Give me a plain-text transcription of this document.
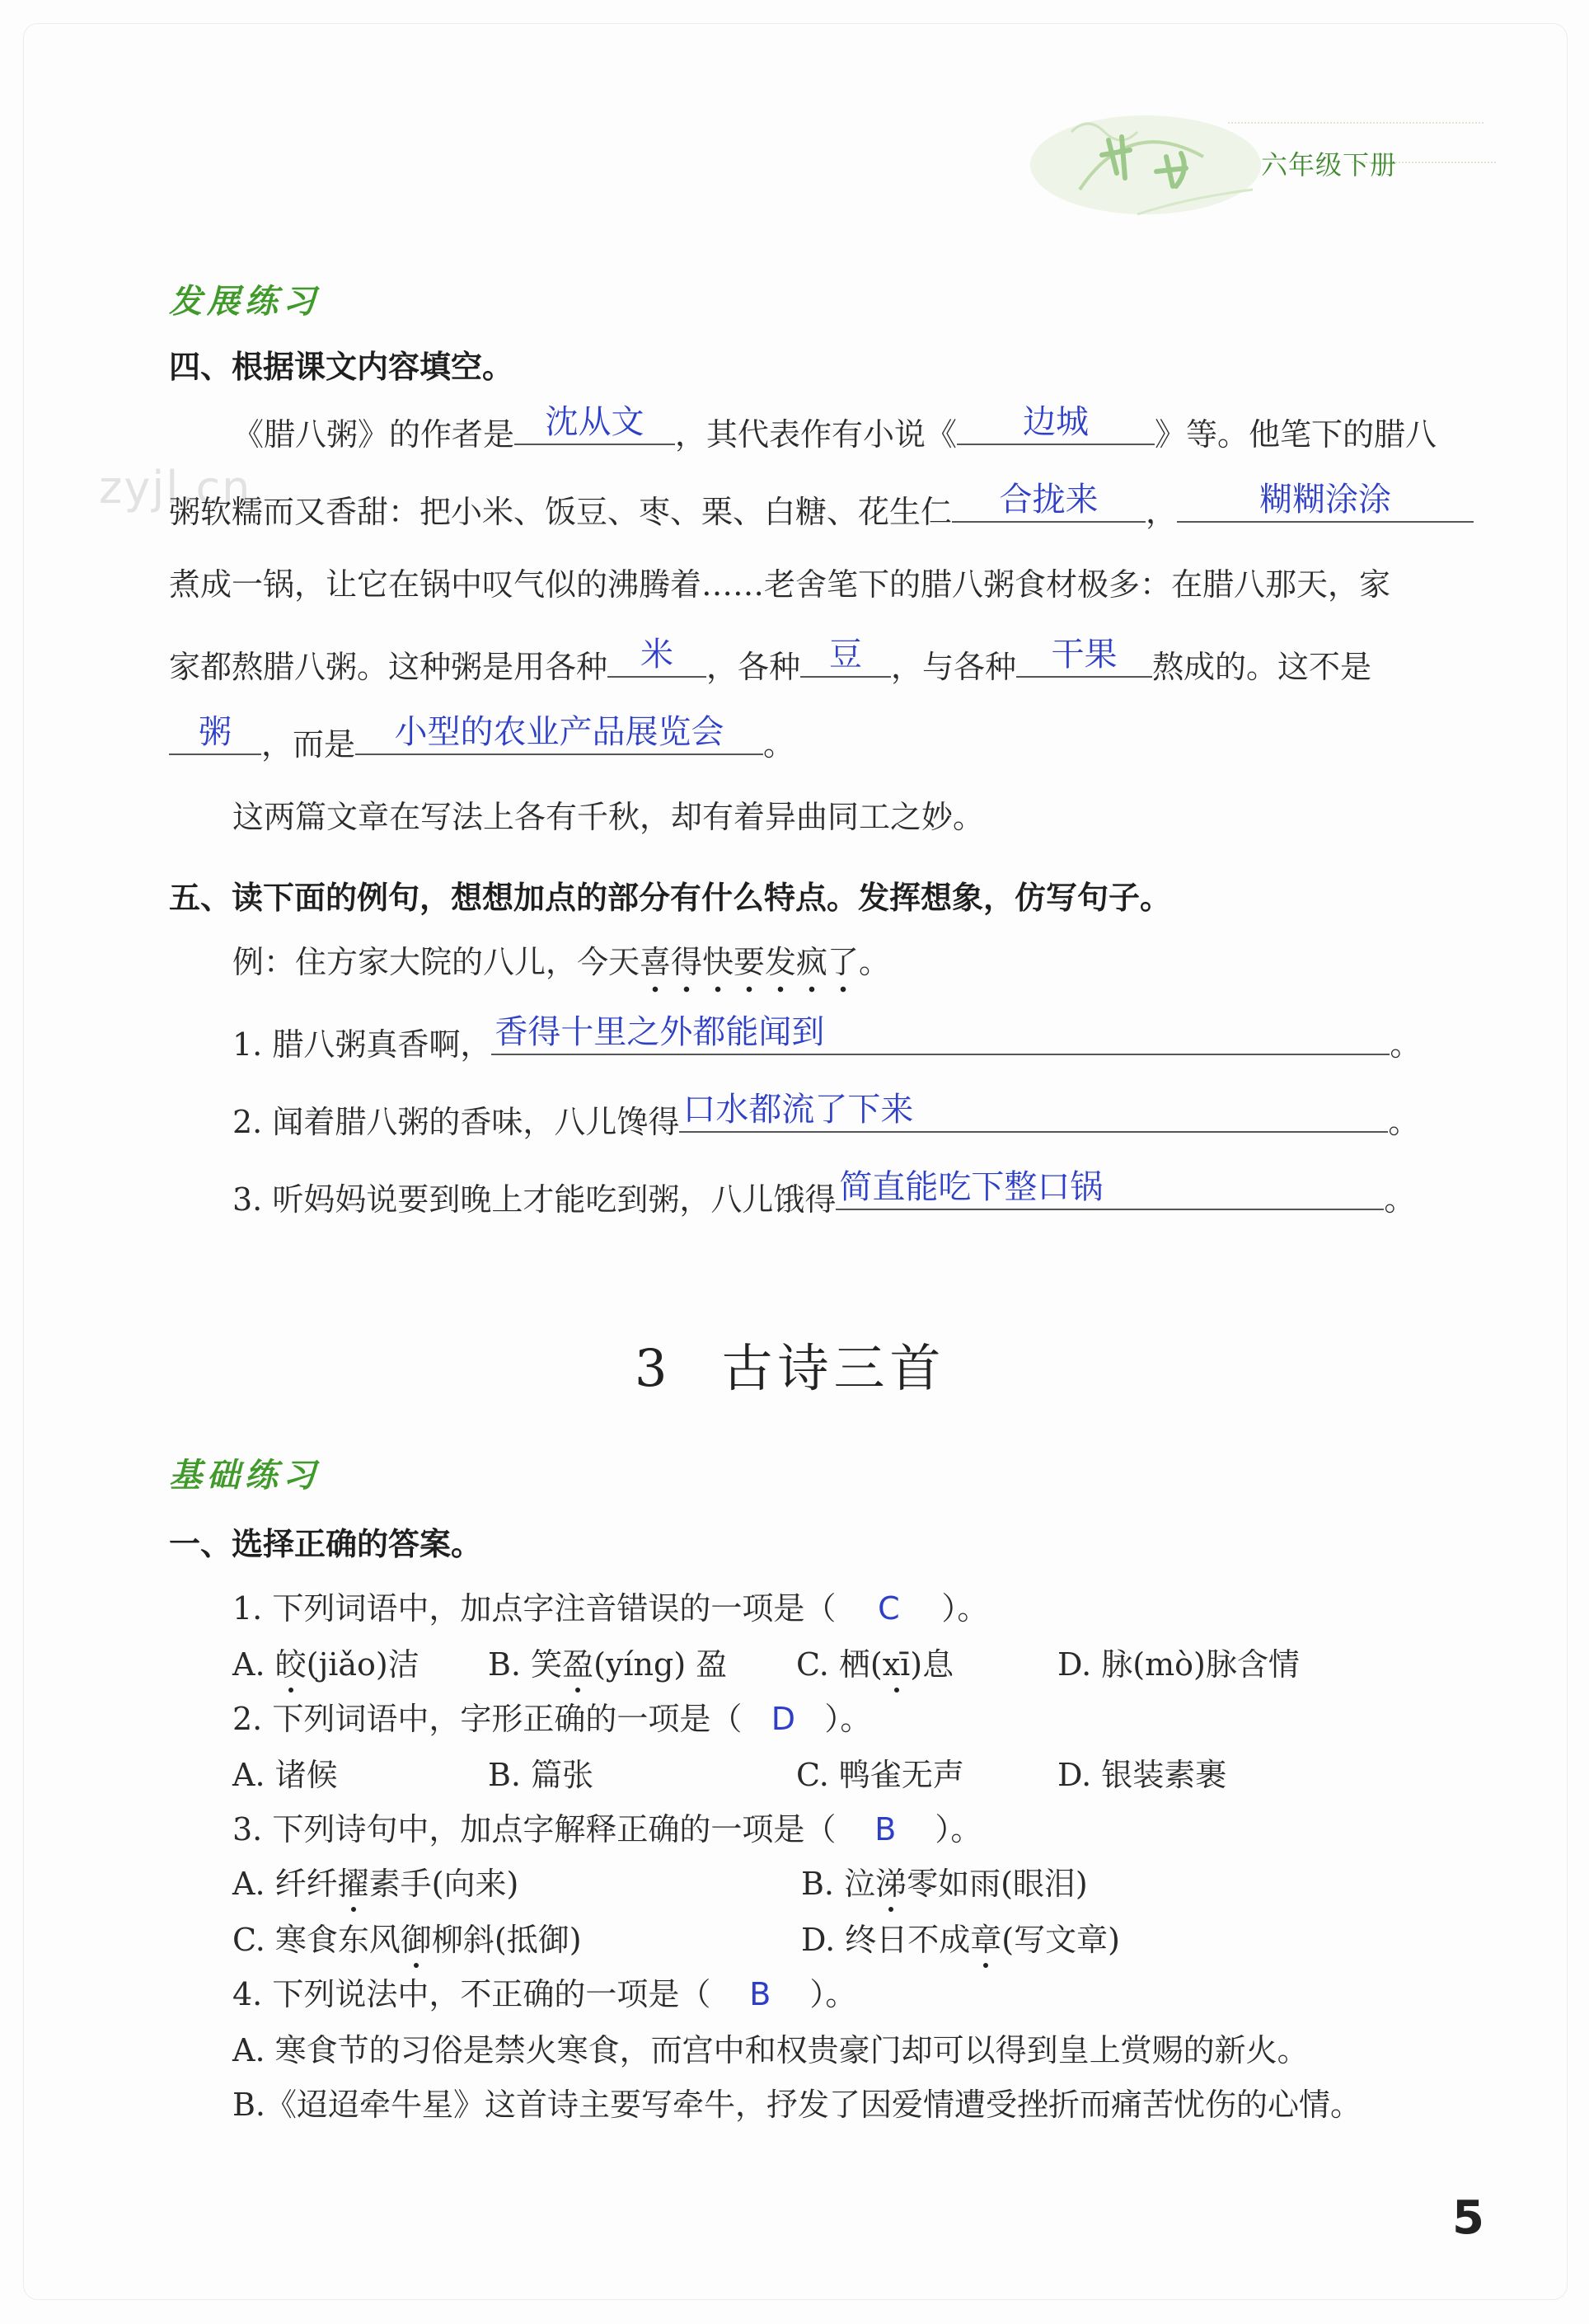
六年级下册
zyjl.cn
发展练习
四、根据课文内容填空。
《腊八粥》的作者是 沈从文 ，其代表作有小说《	边城	》等。他笔下的腊八
粥软糯而又香甜：把小米、饭豆、枣、栗、白糖、花生仁	合拢来	，	糊糊涂涂
煮成一锅，让它在锅中叹气似的沸腾着……老舍笔下的腊八粥食材极多：在腊八那天，家
家都熬腊八粥。这种粥是用各种	米	，各种 豆 ，与各种	干果	熬成的。这不是
粥 ，而是	小型的农业产品展览会	。
这两篇文章在写法上各有千秋，却有着异曲同工之妙。
五、读下面的例句，想想加点的部分有什么特点。发挥想象，仿写句子。
例：住方家大院的八儿，今天喜得快要发疯了。
1. 腊八粥真香啊， 香得十里之外都能闻到	。
2. 闻着腊八粥的香味，八儿馋得 口水都流了下来	。
3. 听妈妈说要到晚上才能吃到粥，八儿饿得 简直能吃下整口锅	。
3 古诗三首
基础练习
一、选择正确的答案。
1. 下列词语中，加点字注音错误的一项是（ C ）。
A. 皎(jiǎo)洁 B. 笑盈(yíng) 盈 C. 栖(xī)息	D. 脉(mò)脉含情
2. 下列词语中，字形正确的一项是（ D ）。
A. 诸候	B. 篇张	C. 鸭雀无声	D. 银装素裹
3. 下列诗句中，加点字解释正确的一项是（ B ）。
A. 纤纤擢素手(向来)	B. 泣涕零如雨(眼泪)
C. 寒食东风御柳斜(抵御)	D. 终日不成章(写文章)
4. 下列说法中，不正确的一项是（ B ）。
A. 寒食节的习俗是禁火寒食，而宫中和权贵豪门却可以得到皇上赏赐的新火。
B.《迢迢牵牛星》这首诗主要写牵牛，抒发了因爱情遭受挫折而痛苦忧伤的心情。
5
